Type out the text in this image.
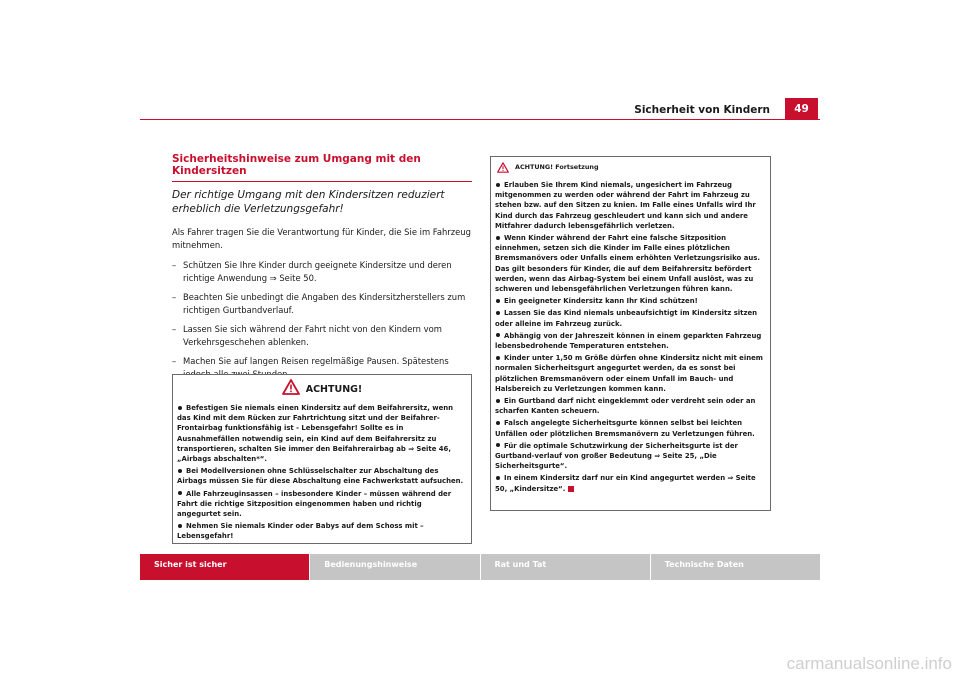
Sicherheit von Kindern	49
Sicherheitshinweise zum Umgang mit den Kindersitzen

Der richtige Umgang mit den Kindersitzen reduziert erheblich die Verletzungsgefahr!

Als Fahrer tragen Sie die Verantwortung für Kinder, die Sie im Fahrzeug mitnehmen.

– Schützen Sie Ihre Kinder durch geeignete Kindersitze und deren richtige Anwendung ⇒ Seite 50.
– Beachten Sie unbedingt die Angaben des Kindersitzherstellers zum richtigen Gurtbandverlauf.
– Lassen Sie sich während der Fahrt nicht von den Kindern vom Verkehrsgeschehen ablenken.
– Machen Sie auf langen Reisen regelmäßige Pausen. Spätestens
ACHTUNG!
Befestigen Sie niemals einen Kindersitz auf dem Beifahrersitz, wenn das Kind mit dem Rücken zur Fahrtrichtung sitzt und der Beifahrer-Frontairbag funktionsfähig ist - Lebensgefahr! Sollte es in Ausnahmefällen notwendig sein, ein Kind auf dem Beifahrersitz zu transportieren, schalten Sie immer den Beifahrerairbag ab ⇒ Seite 46, „Airbags abschalten*“.
Bei Modellversionen ohne Schlüsselschalter zur Abschaltung des Airbags müssen Sie für diese Abschaltung eine Fachwerkstatt aufsuchen.
Alle Fahrzeuginsassen – insbesondere Kinder – müssen während der Fahrt die richtige Sitzposition eingenommen haben und richtig angegurtet sein.
Nehmen Sie niemals Kinder oder Babys auf dem Schoss mit – Lebensgefahr!
ACHTUNG! Fortsetzung
Erlauben Sie Ihrem Kind niemals, ungesichert im Fahrzeug mitgenommen zu werden oder während der Fahrt im Fahrzeug zu stehen bzw. auf den Sitzen zu knien. Im Falle eines Unfalls wird Ihr Kind durch das Fahrzeug geschleudert und kann sich und andere Mitfahrer dadurch lebensgefährlich verletzen.
Wenn Kinder während der Fahrt eine falsche Sitzposition einnehmen, setzen sich die Kinder im Falle eines plötzlichen Bremsmanövers oder Unfalls einem erhöhten Verletzungsrisiko aus. Das gilt besonders für Kinder, die auf dem Beifahrersitz befördert werden, wenn das Airbag-System bei einem Unfall auslöst, was zu schweren und lebensgefährlichen Verletzungen führen kann.
Ein geeigneter Kindersitz kann Ihr Kind schützen!
Lassen Sie das Kind niemals unbeaufsichtigt im Kindersitz sitzen oder alleine im Fahrzeug zurück.
Abhängig von der Jahreszeit können in einem geparkten Fahrzeug lebensbedrohende Temperaturen entstehen.
Kinder unter 1,50 m Größe dürfen ohne Kindersitz nicht mit einem normalen Sicherheitsgurt angegurtet werden, da es sonst bei plötzlichen Bremsmanövern oder einem Unfall im Bauch- und Halsbereich zu Verletzungen kommen kann.
Ein Gurtband darf nicht eingeklemmt oder verdreht sein oder an scharfen Kanten scheuern.
Falsch angelegte Sicherheitsgurte können selbst bei leichten Unfällen oder plötzlichen Bremsmanövern zu Verletzungen führen.
Für die optimale Schutzwirkung der Sicherheitsgurte ist der Gurtband-verlauf von großer Bedeutung ⇒ Seite 25, „Die Sicherheitsgurte“.
In einem Kindersitz darf nur ein Kind angegurtet werden ⇒ Seite 50, „Kindersitze“.
Sicher ist sicher	Bedienungshinweise	Rat und Tat	Technische Daten
carmanualsonline.info
